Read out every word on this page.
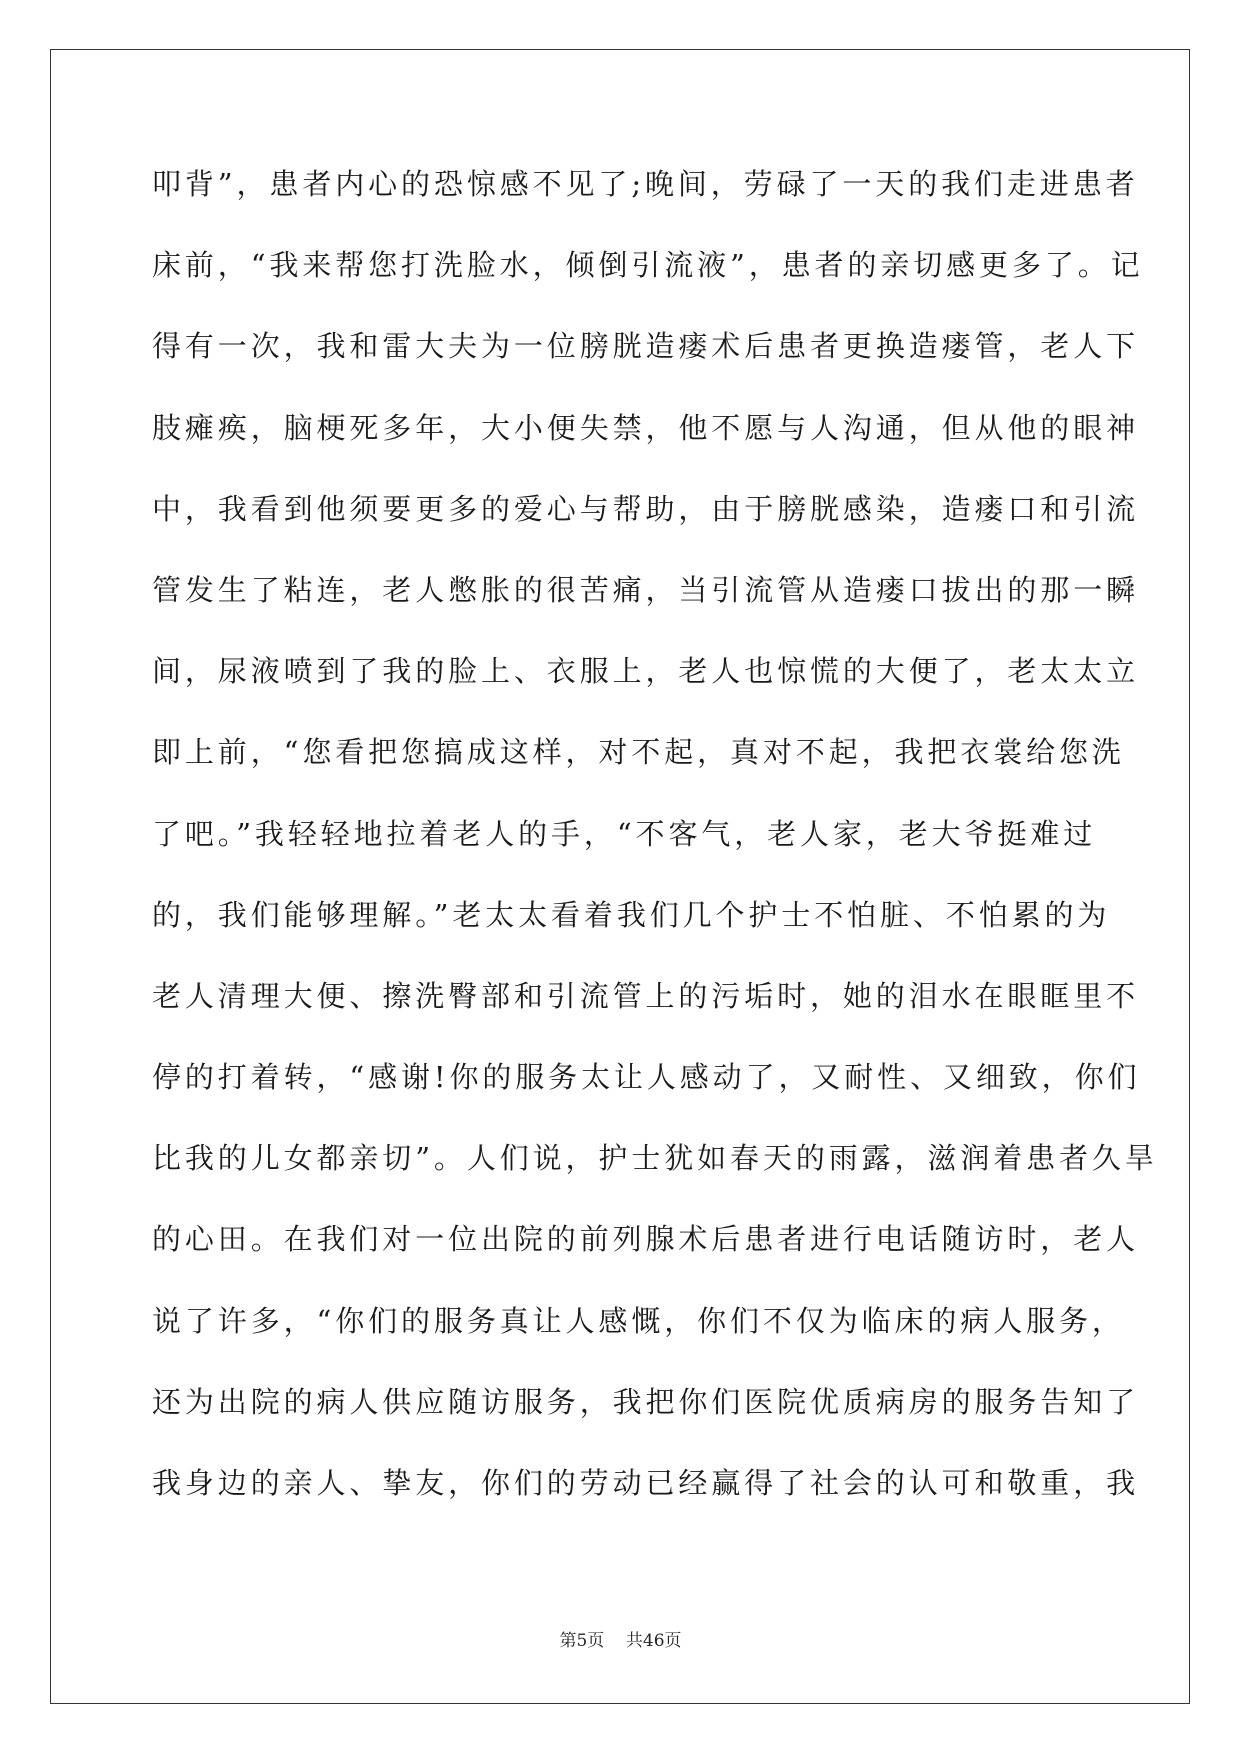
叩背”，患者内心的恐惊感不见了;晚间，劳碌了一天的我们走进患者
床前，“我来帮您打洗脸水，倾倒引流液”，患者的亲切感更多了。记
得有一次，我和雷大夫为一位膀胱造瘘术后患者更换造瘘管，老人下
肢瘫痪，脑梗死多年，大小便失禁，他不愿与人沟通，但从他的眼神
中，我看到他须要更多的爱心与帮助，由于膀胱感染，造瘘口和引流
管发生了粘连，老人憋胀的很苦痛，当引流管从造瘘口拔出的那一瞬
间，尿液喷到了我的脸上、衣服上，老人也惊慌的大便了，老太太立
即上前，“您看把您搞成这样，对不起，真对不起，我把衣裳给您洗
了吧。”我轻轻地拉着老人的手，“不客气，老人家，老大爷挺难过
的，我们能够理解。”老太太看着我们几个护士不怕脏、不怕累的为
老人清理大便、擦洗臀部和引流管上的污垢时，她的泪水在眼眶里不
停的打着转，“感谢!你的服务太让人感动了，又耐性、又细致，你们
比我的儿女都亲切”。人们说，护士犹如春天的雨露，滋润着患者久旱
的心田。在我们对一位出院的前列腺术后患者进行电话随访时，老人
说了许多，“你们的服务真让人感慨，你们不仅为临床的病人服务，
还为出院的病人供应随访服务，我把你们医院优质病房的服务告知了
我身边的亲人、挚友，你们的劳动已经赢得了社会的认可和敬重，我
第5页 共46页
